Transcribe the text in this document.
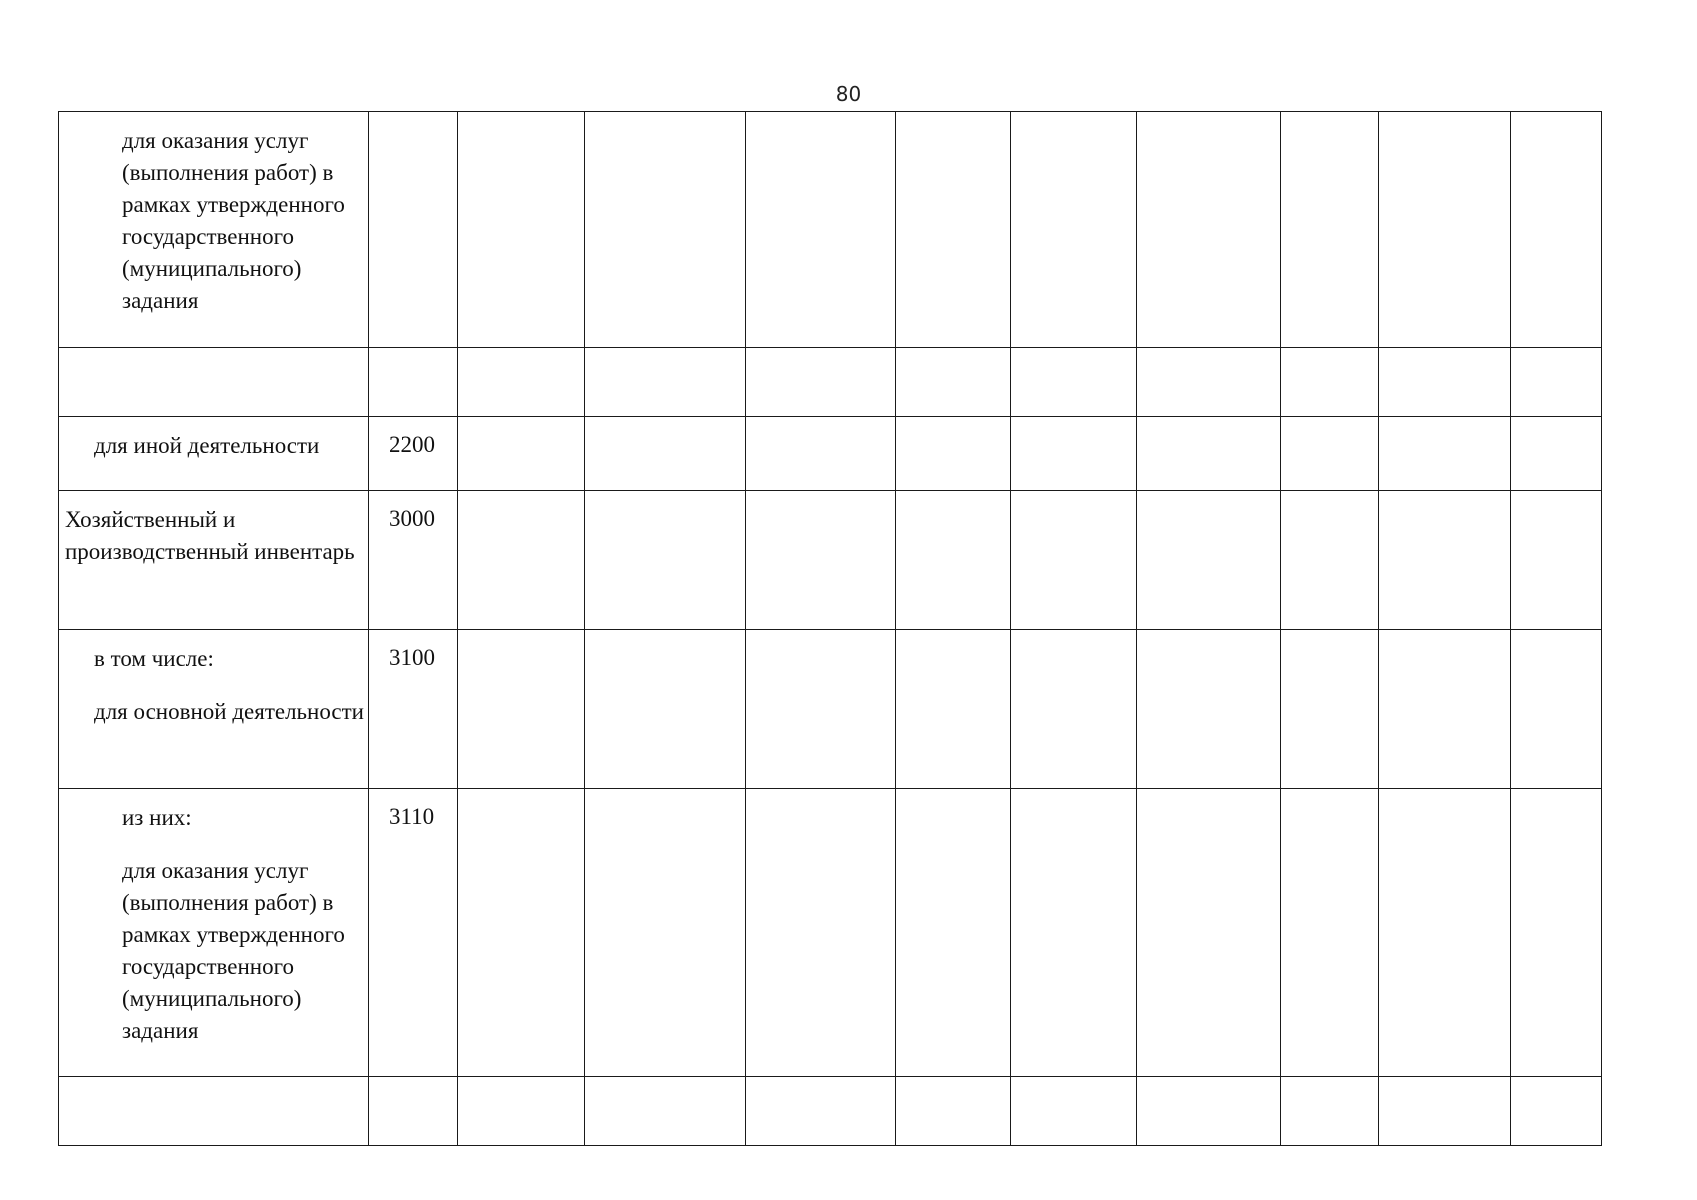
80
для оказания услуг (выполнения работ) в рамках утвержденного государственного (муниципального) задания										

для иной деятельности	2200									

Хозяйственный и производственный инвентарь	3000									

в том числе:
для основной деятельности	3100									

из них:
для оказания услуг (выполнения работ) в рамках утвержденного государственного (муниципального) задания	3110									
